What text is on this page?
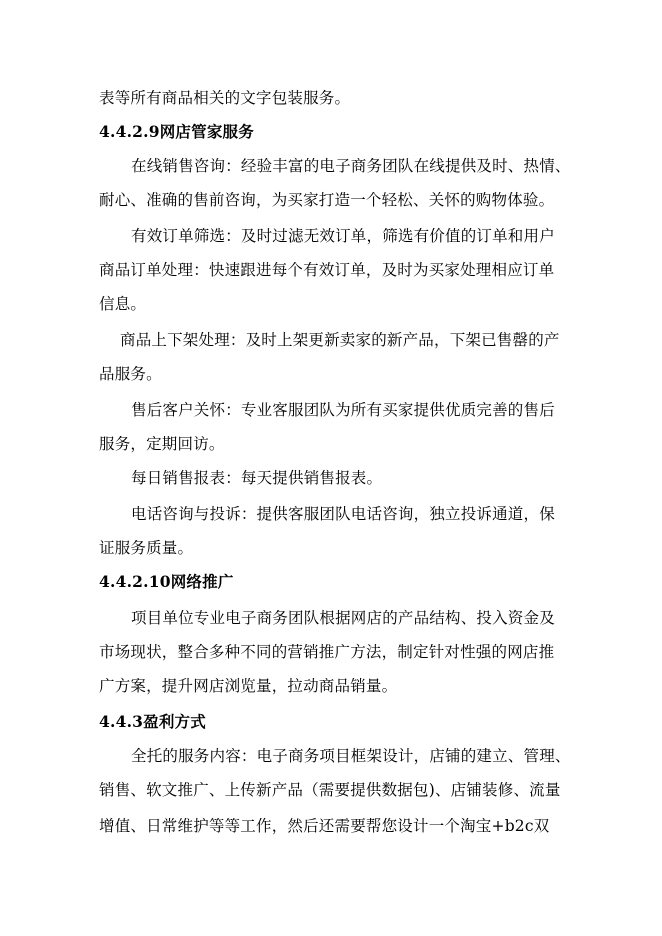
表等所有商品相关的文字包装服务。
4.4.2.9网店管家服务
在线销售咨询：经验丰富的电子商务团队在线提供及时、热情、
耐心、准确的售前咨询，为买家打造一个轻松、关怀的购物体验。
有效订单筛选：及时过滤无效订单，筛选有价值的订单和用户
商品订单处理：快速跟进每个有效订单，及时为买家处理相应订单
信息。
商品上下架处理：及时上架更新卖家的新产品，下架已售罄的产
品服务。
售后客户关怀：专业客服团队为所有买家提供优质完善的售后
服务，定期回访。
每日销售报表：每天提供销售报表。
电话咨询与投诉：提供客服团队电话咨询，独立投诉通道，保
证服务质量。
4.4.2.10网络推广
项目单位专业电子商务团队根据网店的产品结构、投入资金及
市场现状，整合多种不同的营销推广方法，制定针对性强的网店推
广方案，提升网店浏览量，拉动商品销量。
4.4.3盈利方式
全托的服务内容：电子商务项目框架设计，店铺的建立、管理、
销售、软文推广、上传新产品（需要提供数据包)、店铺装修、流量
增值、日常维护等等工作，然后还需要帮您设计一个淘宝+b2c双
